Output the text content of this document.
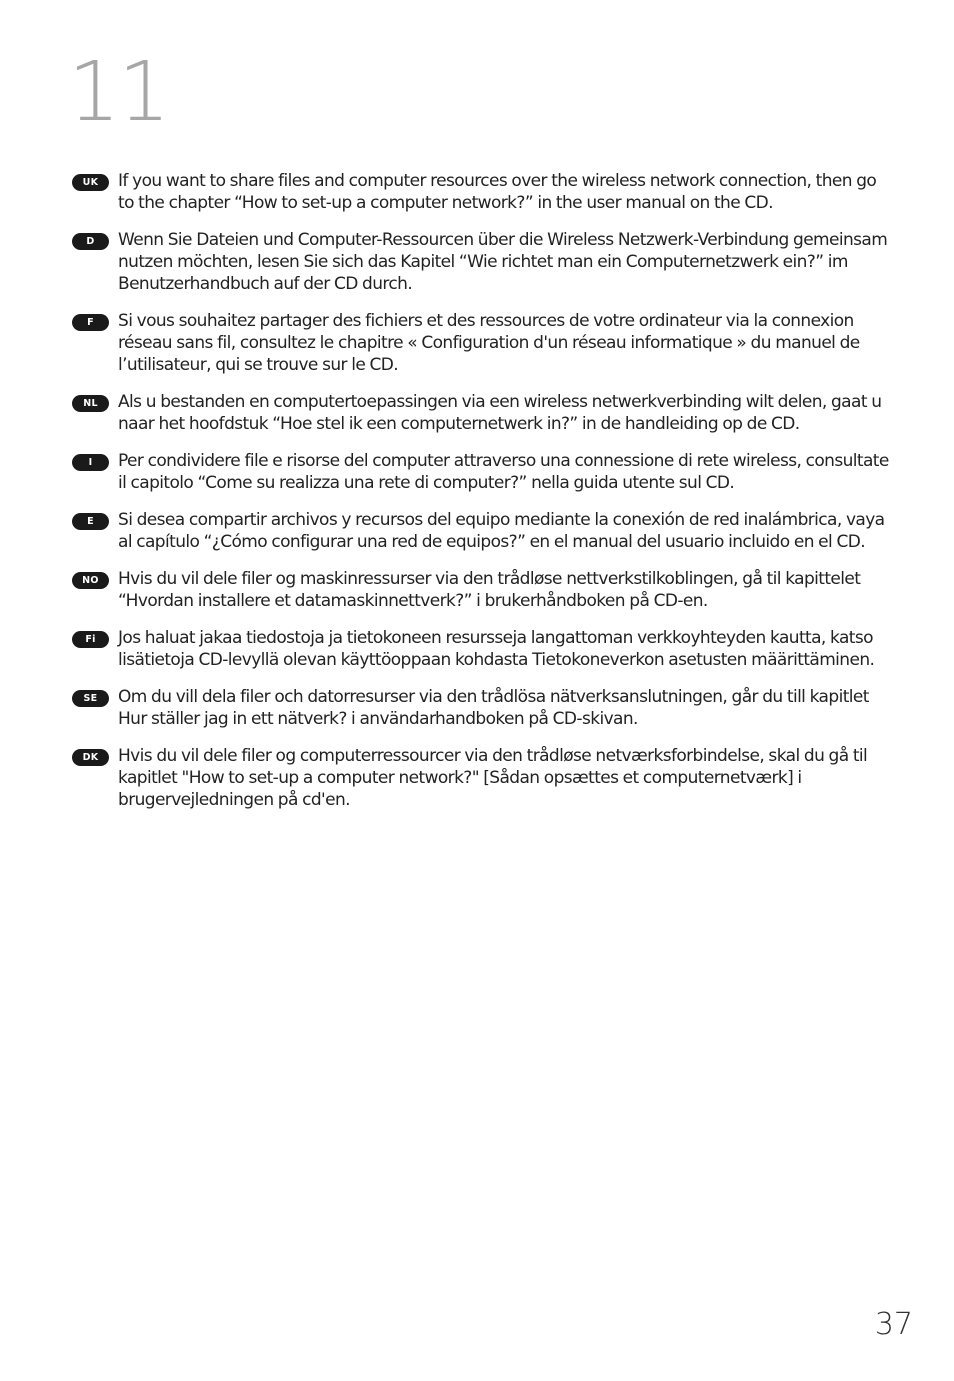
11
UK	If you want to share files and computer resources over the wireless network connection, then go to the chapter “How to set-up a computer network?” in the user manual on the CD.
D	Wenn Sie Dateien und Computer-Ressourcen über die Wireless Netzwerk-Verbindung gemeinsam nutzen möchten, lesen Sie sich das Kapitel “Wie richtet man ein Computernetzwerk ein?” im Benutzerhandbuch auf der CD durch.
F	Si vous souhaitez partager des fichiers et des ressources de votre ordinateur via la connexion réseau sans fil, consultez le chapitre « Configuration d'un réseau informatique » du manuel de l’utilisateur, qui se trouve sur le CD.
NL	Als u bestanden en computertoepassingen via een wireless netwerkverbinding wilt delen, gaat u naar het hoofdstuk “Hoe stel ik een computernetwerk in?” in de handleiding op de CD.
I	Per condividere file e risorse del computer attraverso una connessione di rete wireless, consultate il capitolo “Come su realizza una rete di computer?” nella guida utente sul CD.
E	Si desea compartir archivos y recursos del equipo mediante la conexión de red inalámbrica, vaya al capítulo “¿Cómo configurar una red de equipos?” en el manual del usuario incluido en el CD.
NO	Hvis du vil dele filer og maskinressurser via den trådløse nettverkstilkoblingen, gå til kapittelet “Hvordan installere et datamaskinnettverk?” i brukerhåndboken på CD-en.
Fi	Jos haluat jakaa tiedostoja ja tietokoneen resursseja langattoman verkkoyhteyden kautta, katso lisätietoja CD-levyllä olevan käyttöoppaan kohdasta Tietokoneverkon asetusten määrittäminen.
SE	Om du vill dela filer och datorresurser via den trådlösa nätverksanslutningen, går du till kapitlet Hur ställer jag in ett nätverk? i användarhandboken på CD-skivan.
DK	Hvis du vil dele filer og computerressourcer via den trådløse netværksforbindelse, skal du gå til kapitlet "How to set-up a computer network?" [Sådan opsættes et computernetværk] i brugervejledningen på cd'en.
37
